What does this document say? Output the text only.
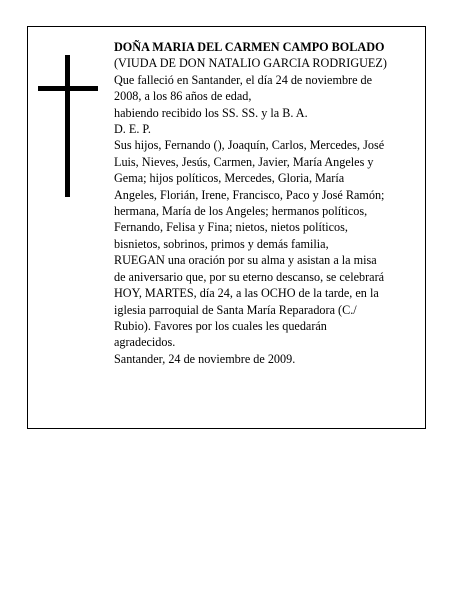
DOÑA MARIA DEL CARMEN CAMPO BOLADO
(VIUDA DE DON NATALIO GARCIA RODRIGUEZ)
Que falleció en Santander, el día 24 de noviembre de
2008, a los 86 años de edad,
habiendo recibido los SS. SS. y la B. A.
D. E. P.
Sus hijos, Fernando (), Joaquín, Carlos, Mercedes, José
Luis, Nieves, Jesús, Carmen, Javier, María Angeles y
Gema; hijos políticos, Mercedes, Gloria, María
Angeles, Florián, Irene, Francisco, Paco y José Ramón;
hermana, María de los Angeles; hermanos políticos,
Fernando, Felisa y Fina; nietos, nietos políticos,
bisnietos, sobrinos, primos y demás familia,
RUEGAN una oración por su alma y asistan a la misa
de aniversario que, por su eterno descanso, se celebrará
HOY, MARTES, día 24, a las OCHO de la tarde, en la
iglesia parroquial de Santa María Reparadora (C./
Rubio). Favores por los cuales les quedarán
agradecidos.
Santander, 24 de noviembre de 2009.
